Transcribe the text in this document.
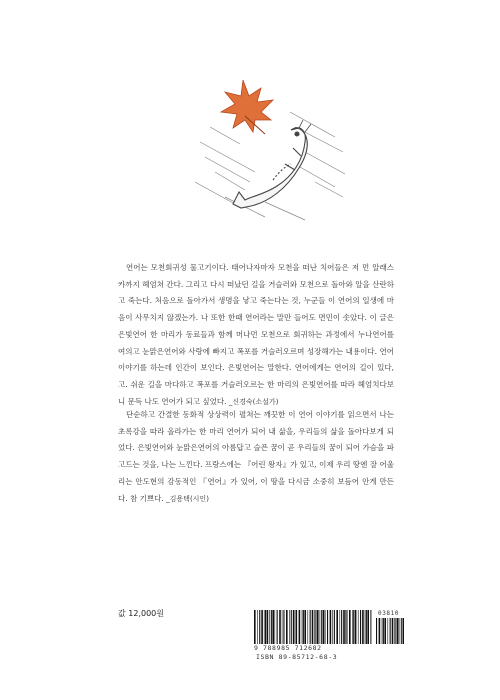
연어는 모천회귀성 물고기이다. 태어나자마자 모천을 떠난 치어들은 저 먼 알래스카까지 헤엄쳐 간다. 그리고 다시 떠났던 길을 거슬러와 모천으로 돌아와 알을 산란하고 죽는다. 처음으로 돌아가서 생명을 낳고 죽는다는 것, 누군들 이 연어의 일생에 마음이 사무치지 않겠는가. 나 또한 한때 연어라는 말만 들어도 면민이 솟았다. 이 글은 은빛연어 한 마리가 동료들과 함께 머나먼 모천으로 회귀하는 과정에서 누나연어를 여의고 눈맑은연어와 사랑에 빠지고 폭포를 거슬러오르며 성장해가는 내용이다. 연어 이야기를 하는데 인간이 보인다. 은빛연어는 말한다. 연어에게는 연어의 길이 있다, 고. 쉬운 길을 마다하고 폭포를 거슬러오르는 한 마리의 은빛연어를 따라 헤엄치다보니 문득 나도 연어가 되고 싶었다. _신경숙(소설가)

단순하고 간결한 동화적 상상력이 펼쳐는 깨끗한 이 연어 이야기를 읽으면서 나는 초록강을 따라 올라가는 한 마리 연어가 되어 내 삶을, 우리들의 삶을 돌아다보게 되었다. 은빛연어와 눈맑은연어의 아름답고 슬픈 꿈이 곧 우리들의 꿈이 되어 가슴을 파고드는 것을, 나는 느낀다. 프랑스에는 『어린 왕자』가 있고, 이제 우리 땅엔 잘 어울리는 안도현의 감동적인 『연어』가 있어, 이 땅을 다시금 소중히 보듬어 안게 만든다. 참 기쁘다. _김용택(시인)

값 12,000원	03810
9 788985 712682
ISBN 89-85712-68-3
